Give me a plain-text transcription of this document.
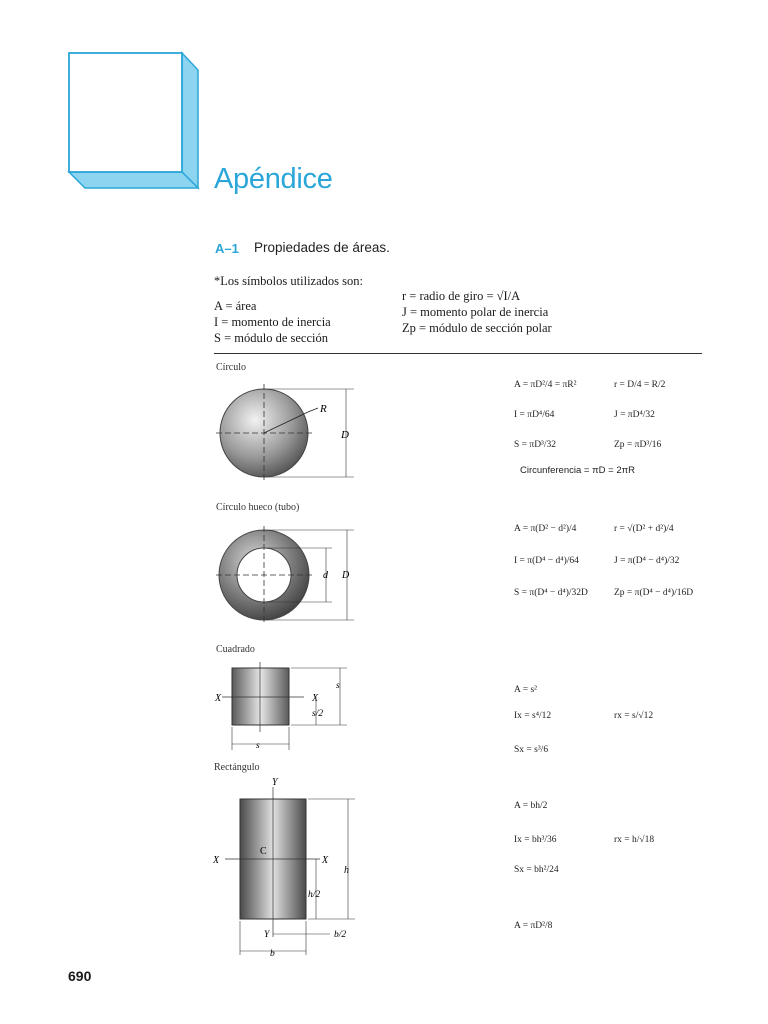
Apéndice
A–1 Propiedades de áreas.
*Los símbolos utilizados son:
A = área
I = momento de inercia
S = módulo de sección
r = radio de giro = √I/A
J = momento polar de inercia
Zp = módulo de sección polar
Círculo
R
D
A = πD²/4 = πR²	r = D/4 = R/2
I = πD⁴/64	J = πD⁴/32
S = πD³/32	Zp = πD³/16
Circunferencia = πD = 2πR
Círculo hueco (tubo)
d D
A = π(D² − d²)/4	r = √(D² + d²)/4
I = π(D⁴ − d⁴)/64	J = π(D⁴ − d⁴)/32
S = π(D⁴ − d⁴)/32D	Zp = π(D⁴ − d⁴)/16D
Cuadrado
X	X
s
s/2
s
A = s²
Ix = s⁴/12	rx = s/√12
Sx = s³/6
Rectángulo
Y
X	X
C
h
h/2
b
Y	b/2
A = bh/2
Ix = bh³/36	rx = h/√18
Sx = bh²/24
A = πD²/8
690
